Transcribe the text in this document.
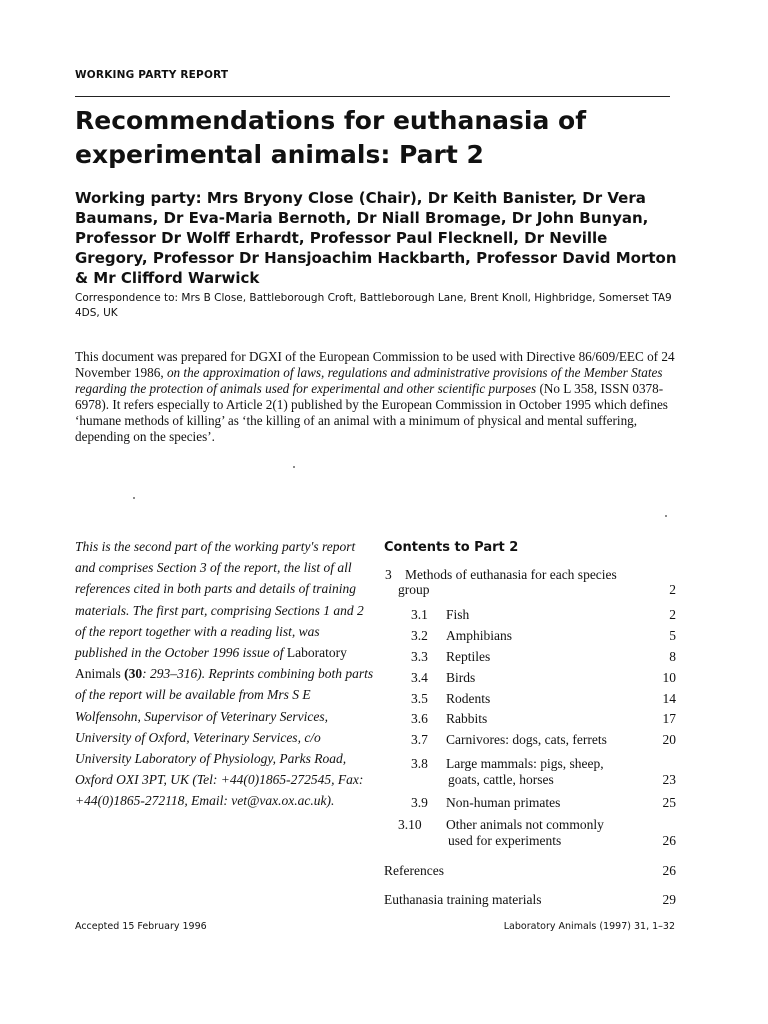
WORKING PARTY REPORT
Recommendations for euthanasia of experimental animals: Part 2
Working party: Mrs Bryony Close (Chair), Dr Keith Banister, Dr Vera Baumans, Dr Eva-Maria Bernoth, Dr Niall Bromage, Dr John Bunyan, Professor Dr Wolff Erhardt, Professor Paul Flecknell, Dr Neville Gregory, Professor Dr Hansjoachim Hackbarth, Professor David Morton & Mr Clifford Warwick
Correspondence to: Mrs B Close, Battleborough Croft, Battleborough Lane, Brent Knoll, Highbridge, Somerset TA9 4DS, UK

This document was prepared for DGXI of the European Commission to be used with Directive 86/609/EEC of 24 November 1986, on the approximation of laws, regulations and administrative provisions of the Member States regarding the protection of animals used for experimental and other scientific purposes (No L 358, ISSN 0378-6978). It refers especially to Article 2(1) published by the European Commission in October 1995 which defines ‘humane methods of killing’ as ‘the killing of an animal with a minimum of physical and mental suffering, depending on the species’.

This is the second part of the working party's report and comprises Section 3 of the report, the list of all references cited in both parts and details of training materials. The first part, comprising Sections 1 and 2 of the report together with a reading list, was published in the October 1996 issue of Laboratory Animals (30: 293–316). Reprints combining both parts of the report will be available from Mrs S E Wolfensohn, Supervisor of Veterinary Services, University of Oxford, Veterinary Services, c/o University Laboratory of Physiology, Parks Road, Oxford OXI 3PT, UK (Tel: +44(0)1865-272545, Fax: +44(0)1865-272118, Email: vet@vax.ox.ac.uk).

Contents to Part 2
3 Methods of euthanasia for each species
group	2
3.1 Fish	2
3.2 Amphibians	5
3.3 Reptiles	8
3.4 Birds	10
3.5 Rodents	14
3.6 Rabbits	17
3.7 Carnivores: dogs, cats, ferrets	20
3.8 Large mammals: pigs, sheep,
goats, cattle, horses	23
3.9 Non-human primates	25
3.10 Other animals not commonly
used for experiments	26
References	26
Euthanasia training materials	29
Accepted 15 February 1996	Laboratory Animals (1997) 31, 1–32
